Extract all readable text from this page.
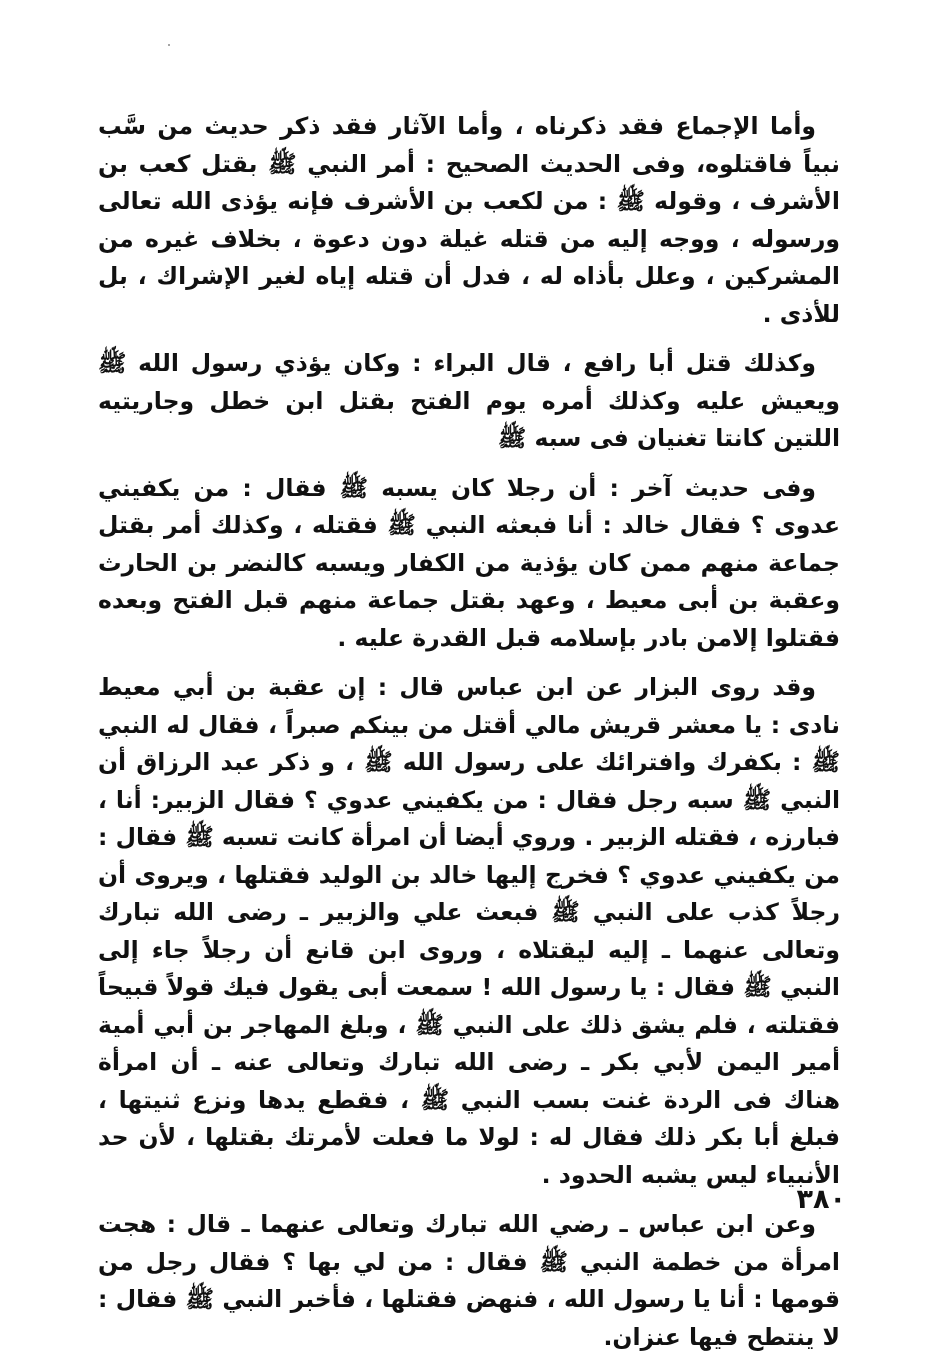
وأما الإجماع فقد ذكرناه ، وأما الآثار فقد ذكر حديث من سَّب نبياً فاقتلوه، وفى الحديث الصحيح : أمر النبي ﷺ بقتل كعب بن الأشرف ، وقوله ﷺ : من لكعب بن الأشرف فإنه يؤذى الله تعالى ورسوله ، ووجه إليه من قتله غيلة دون دعوة ، بخلاف غيره من المشركين ، وعلل بأذاه له ، فدل أن قتله إياه لغير الإشراك ، بل للأذى .

وكذلك قتل أبا رافع ، قال البراء : وكان يؤذي رسول الله ﷺ ويعيش عليه وكذلك أمره يوم الفتح بقتل ابن خطل وجاريتيه اللتين كانتا تغنيان فى سبه ﷺ

وفى حديث آخر : أن رجلا كان يسبه ﷺ فقال : من يكفيني عدوى ؟ فقال خالد : أنا فبعثه النبي ﷺ فقتله ، وكذلك أمر بقتل جماعة منهم ممن كان يؤذية من الكفار ويسبه كالنضر بن الحارث وعقبة بن أبى معيط ، وعهد بقتل جماعة منهم قبل الفتح وبعده فقتلوا إلامن بادر بإسلامه قبل القدرة عليه .

وقد روى البزار عن ابن عباس قال : إن عقبة بن أبي معيط نادى : يا معشر قريش مالي أقتل من بينكم صبراً ، فقال له النبي ﷺ : بكفرك وافترائك على رسول الله ﷺ ، و ذكر عبد الرزاق أن النبي ﷺ سبه رجل فقال : من يكفيني عدوي ؟ فقال الزبير: أنا ، فبارزه ، فقتله الزبير . وروي أيضا أن امرأة كانت تسبه ﷺ فقال : من يكفيني عدوي ؟ فخرج إليها خالد بن الوليد فقتلها ، ويروى أن رجلاً كذب على النبي ﷺ فبعث علي والزبير ـ رضى الله تبارك وتعالى عنهما ـ إليه ليقتلاه ، وروى ابن قانع أن رجلاً جاء إلى النبي ﷺ فقال : يا رسول الله ! سمعت أبى يقول فيك قولاً قبيحاً فقتلته ، فلم يشق ذلك على النبي ﷺ ، وبلغ المهاجر بن أبي أمية أمير اليمن لأبي بكر ـ رضى الله تبارك وتعالى عنه ـ أن امرأة هناك فى الردة غنت بسب النبي ﷺ ، فقطع يدها ونزع ثنيتها ، فبلغ أبا بكر ذلك فقال له : لولا ما فعلت لأمرتك بقتلها ، لأن حد الأنبياء ليس يشبه الحدود .

وعن ابن عباس ـ رضي الله تبارك وتعالى عنهما ـ قال : هجت امرأة من خطمة النبي ﷺ فقال : من لي بها ؟ فقال رجل من قومها : أنا يا رسول الله ، فنهض فقتلها ، فأخبر النبي ﷺ فقال : لا ينتطح فيها عنزان.

٣٨٠
